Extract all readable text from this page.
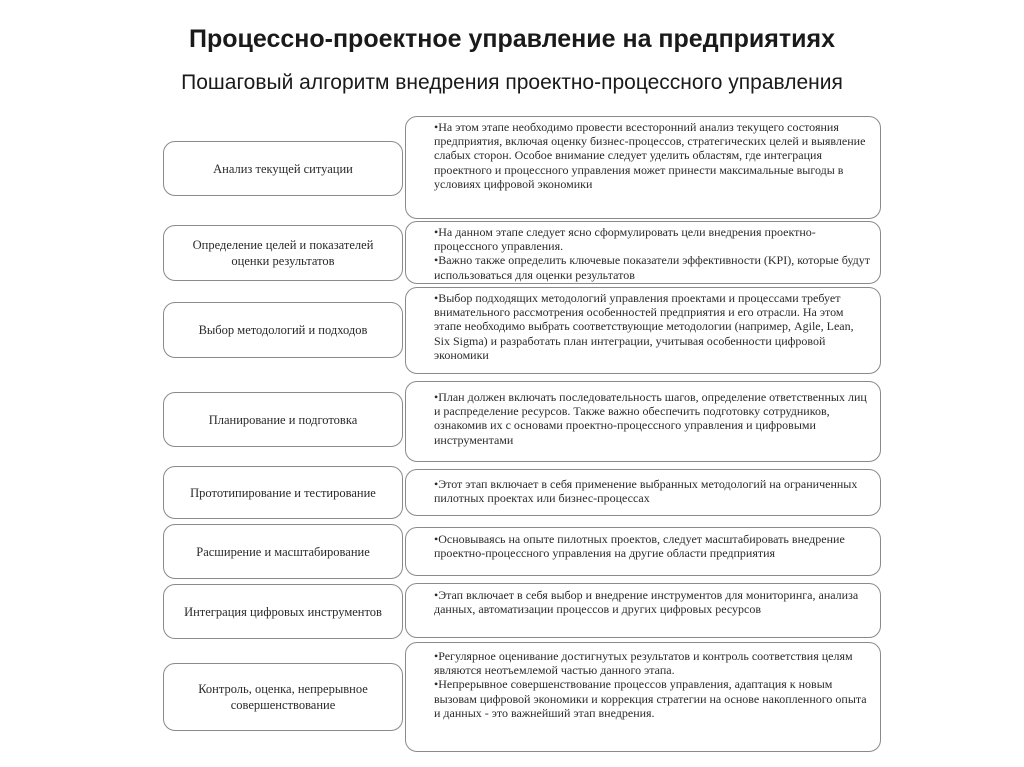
Процессно-проектное управление на предприятиях
Пошаговый алгоритм внедрения проектно-процессного управления
Анализ текущей ситуации

•На этом этапе необходимо провести всесторонний анализ текущего состояния предприятия, включая оценку бизнес-процессов, стратегических целей и выявление слабых сторон. Особое внимание следует уделить областям, где интеграция проектного и процессного управления может принести максимальные выгоды в условиях цифровой экономики

Определение целей и показателей оценки результатов

•На данном этапе следует ясно сформулировать цели внедрения проектно-процессного управления.

•Важно также определить ключевые показатели эффективности (KPI), которые будут использоваться для оценки результатов

Выбор методологий и подходов

•Выбор подходящих методологий управления проектами и процессами требует внимательного рассмотрения особенностей предприятия и его отрасли. На этом этапе необходимо выбрать соответствующие методологии (например, Agile, Lean, Six Sigma) и разработать план интеграции, учитывая особенности цифровой экономики

Планирование и подготовка

•План должен включать последовательность шагов, определение ответственных лиц и распределение ресурсов. Также важно обеспечить подготовку сотрудников, ознакомив их с основами проектно-процессного управления и цифровыми инструментами

Прототипирование и тестирование

•Этот этап включает в себя применение выбранных методологий на ограниченных пилотных проектах или бизнес-процессах

Расширение и масштабирование

•Основываясь на опыте пилотных проектов, следует масштабировать внедрение проектно-процессного управления на другие области предприятия

Интеграция цифровых инструментов

•Этап включает в себя выбор и внедрение инструментов для мониторинга, анализа данных, автоматизации процессов и других цифровых ресурсов

Контроль, оценка, непрерывное совершенствование

•Регулярное оценивание достигнутых результатов и контроль соответствия целям являются неотъемлемой частью данного этапа.

•Непрерывное совершенствование процессов управления, адаптация к новым вызовам цифровой экономики и коррекция стратегии на основе накопленного опыта и данных - это важнейший этап внедрения.
